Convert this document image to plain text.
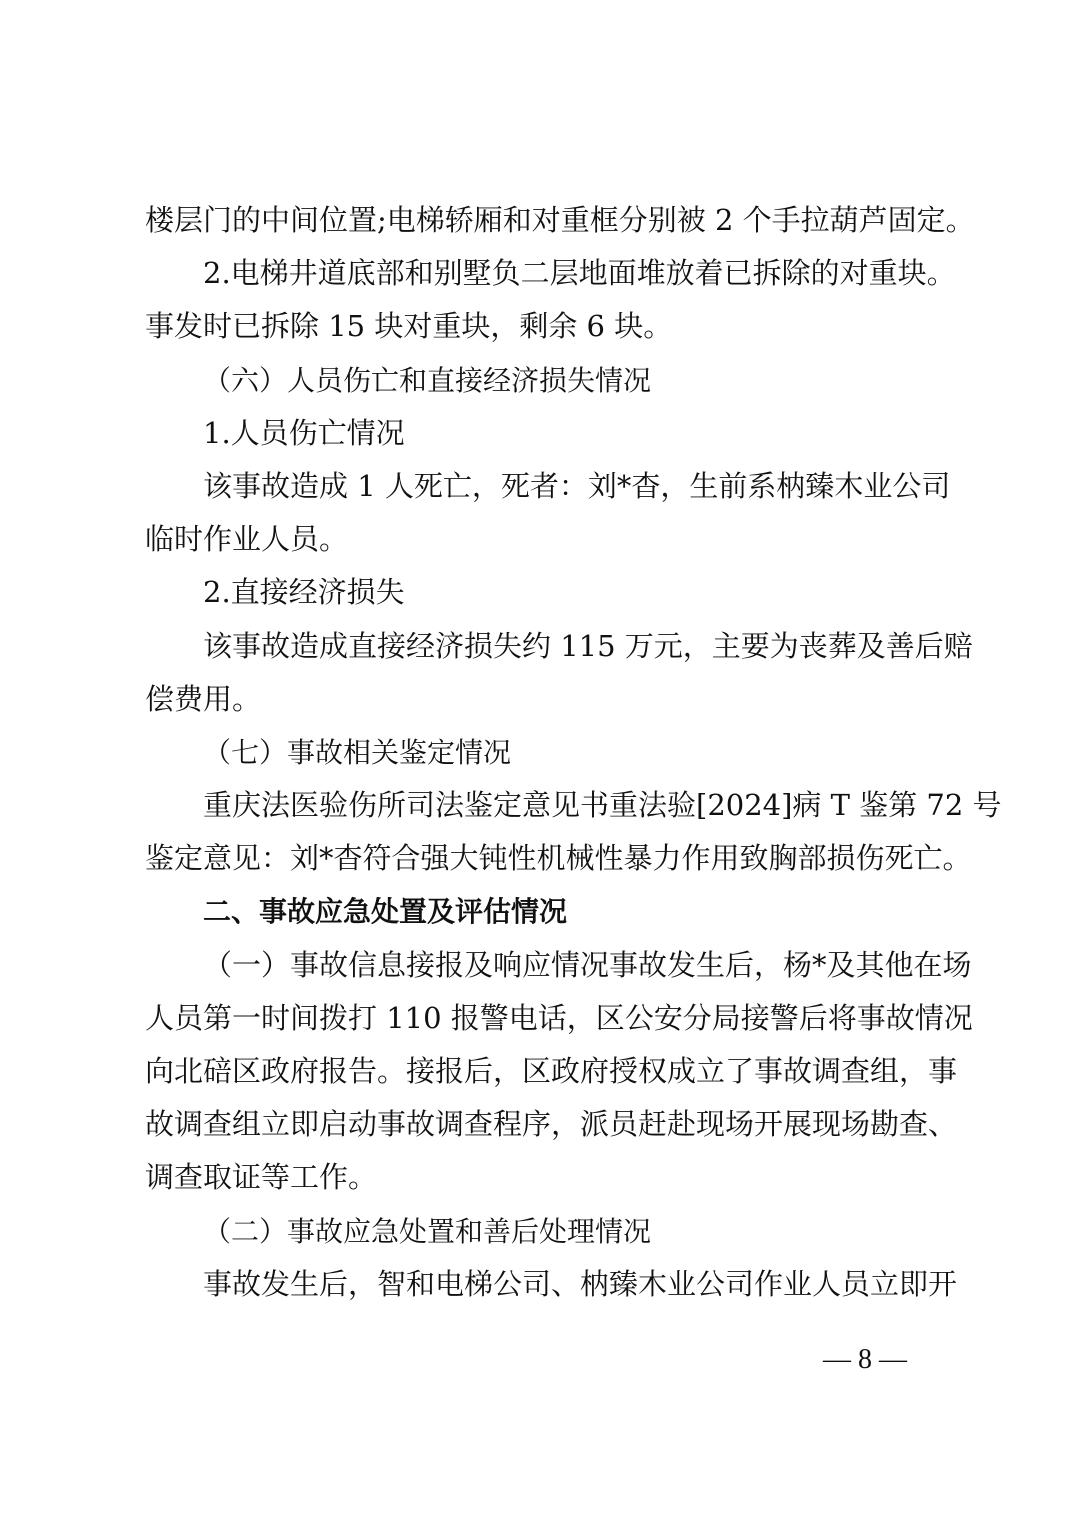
楼层门的中间位置;电梯轿厢和对重框分别被 2 个手拉葫芦固定。
2.电梯井道底部和别墅负二层地面堆放着已拆除的对重块。
事发时已拆除 15 块对重块，剩余 6 块。
（六）人员伤亡和直接经济损失情况
1.人员伤亡情况
该事故造成 1 人死亡，死者：刘*杳，生前系枘臻木业公司
临时作业人员。
2.直接经济损失
该事故造成直接经济损失约 115 万元，主要为丧葬及善后赔
偿费用。
（七）事故相关鉴定情况
重庆法医验伤所司法鉴定意见书重法验[2024]病 T 鉴第 72 号
鉴定意见：刘*杳符合强大钝性机械性暴力作用致胸部损伤死亡。
二、事故应急处置及评估情况
（一）事故信息接报及响应情况事故发生后，杨*及其他在场
人员第一时间拨打 110 报警电话，区公安分局接警后将事故情况
向北碚区政府报告。接报后，区政府授权成立了事故调查组，事
故调查组立即启动事故调查程序，派员赶赴现场开展现场勘查、
调查取证等工作。
（二）事故应急处置和善后处理情况
事故发生后，智和电梯公司、枘臻木业公司作业人员立即开
— 8 —
